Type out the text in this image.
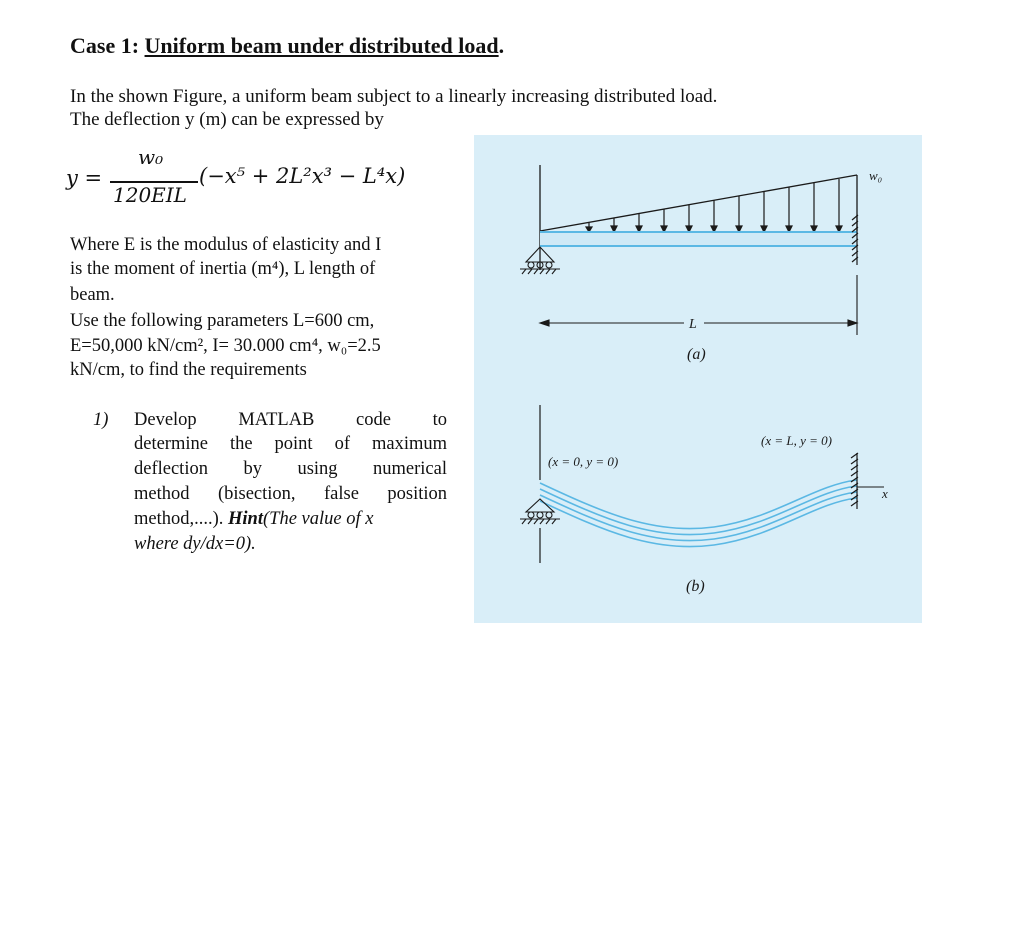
Case 1: Uniform beam under distributed load.
In the shown Figure, a uniform beam subject to a linearly increasing distributed load.
The deflection y (m) can be expressed by
y =
w₀
120EIL
(−x⁵ + 2L²x³ − L⁴x)
Where E is the modulus of elasticity and I
is the moment of inertia (m⁴), L length of
beam.
Use the following parameters L=600 cm,
E=50,000 kN/cm², I= 30.000 cm⁴, w₀=2.5
kN/cm, to find the requirements
1) Develop MATLAB code to
determine the point of maximum
deflection by using numerical
method (bisection, false position
method,....). Hint(The value of x
where dy/dx=0).
w₀
L
(a)
x
(x = 0, y = 0)
(x = L, y = 0)
(b)
